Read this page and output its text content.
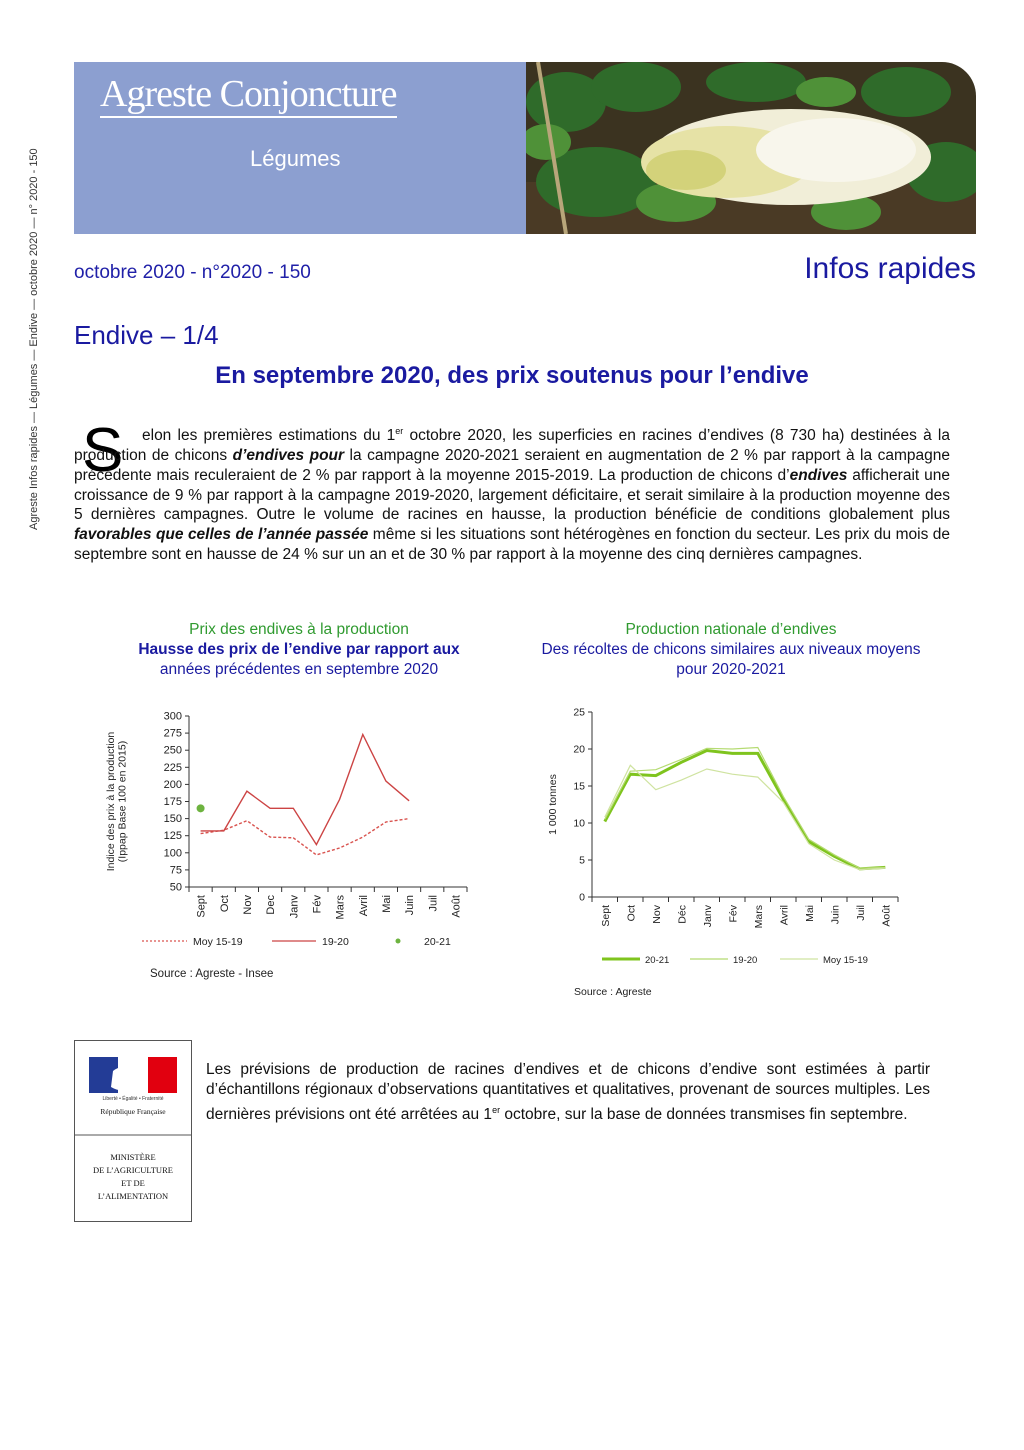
Agreste Infos rapides — Légumes — Endive — octobre 2020 — n° 2020 - 150
Agreste Conjoncture
Légumes
octobre 2020 - n°2020 - 150	Infos rapides
Endive – 1/4
En septembre 2020, des prix soutenus pour l’endive
S	elon les premières estimations du 1er octobre 2020, les superficies en racines d’endives (8 730 ha) destinées à la production de chicons d’endives pour la campagne 2020-2021 seraient en augmentation de 2 % par rapport à la campagne précédente mais reculeraient de 2 % par rapport à la moyenne 2015-2019. La production de chicons d’endives afficherait une croissance de 9 % par rapport à la campagne 2019-2020, largement déficitaire, et serait similaire à la production moyenne des 5 dernières campagnes. Outre le volume de racines en hausse, la production bénéficie de conditions globalement plus favorables que celles de l’année passée même si les situations sont hétérogènes en fonction du secteur. Les prix du mois de septembre sont en hausse de 24 % sur un an et de 30 % par rapport à la moyenne des cinq dernières campagnes.
Prix des endives à la production
Hausse des prix de l’endive par rapport aux
années précédentes en septembre 2020
Production nationale d’endives
Des récoltes de chicons similaires aux niveaux moyens pour 2020-2021
50
75
100
125
150
175
200
225
250
275
300
Sept Oct Nov Dec Janv Fév Mars Avril Mai Juin Juil Août
Indice des prix à la production(Ippap Base 100 en 2015)
Moy 15-19	19-20	20-21
Source : Agreste - Insee
0
5
10
15
20
25
Sept Oct Nov Déc Janv Fév Mars Avril Mai Juin Juil Août
1 000 tonnes
20-21	19-20	Moy 15-19
Source : Agreste
Liberté • Égalité • Fraternité
République Française
MINISTÈRE
DE L’AGRICULTURE
ET DE
L’ALIMENTATION
Les prévisions de production de racines d’endives et de chicons d’endive sont estimées à partir d’échantillons régionaux d’observations quantitatives et qualitatives, provenant de sources multiples. Les dernières prévisions ont été arrêtées au 1er octobre, sur la base de données transmises fin septembre.
